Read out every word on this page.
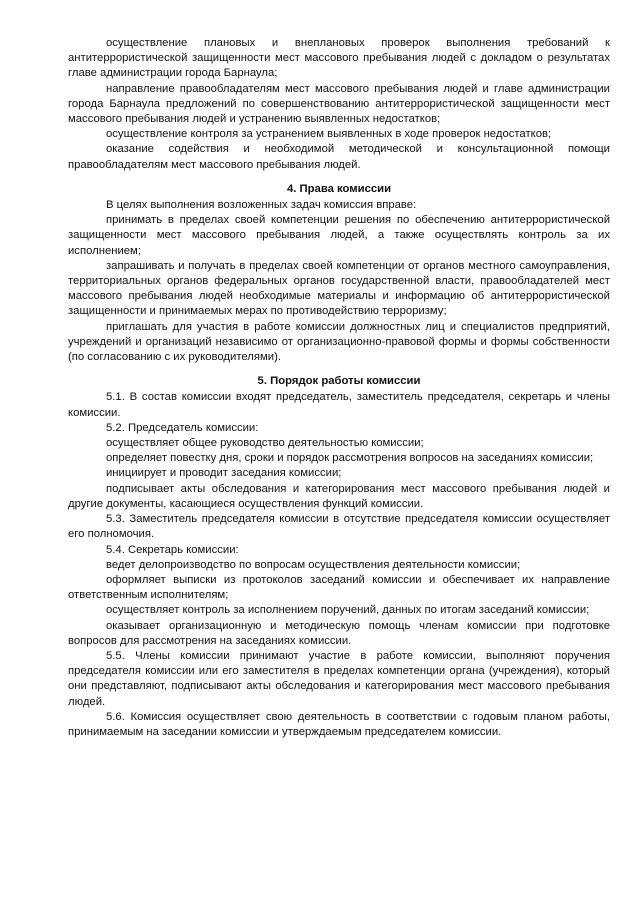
осуществление плановых и внеплановых проверок выполнения требований к антитеррористической защищенности мест массового пребывания людей с докладом о результатах главе администрации города Барнаула;

направление правообладателям мест массового пребывания людей и главе администрации города Барнаула предложений по совершенствованию антитеррористической защищенности мест массового пребывания людей и устранению выявленных недостатков;

осуществление контроля за устранением выявленных в ходе проверок недостатков;

оказание содействия и необходимой методической и консультационной помощи правообладателям мест массового пребывания людей.

4. Права комиссии

В целях выполнения возложенных задач комиссия вправе:

принимать в пределах своей компетенции решения по обеспечению антитеррористической защищенности мест массового пребывания людей, а также осуществлять контроль за их исполнением;

запрашивать и получать в пределах своей компетенции от органов местного самоуправления, территориальных органов федеральных органов государственной власти, правообладателей мест массового пребывания людей необходимые материалы и информацию об антитеррористической защищенности и принимаемых мерах по противодействию терроризму;

приглашать для участия в работе комиссии должностных лиц и специалистов предприятий, учреждений и организаций независимо от организационно-правовой формы и формы собственности (по согласованию с их руководителями).

5. Порядок работы комиссии

5.1. В состав комиссии входят председатель, заместитель председателя, секретарь и члены комиссии.

5.2. Председатель комиссии:

осуществляет общее руководство деятельностью комиссии;

определяет повестку дня, сроки и порядок рассмотрения вопросов на заседаниях комиссии;

инициирует и проводит заседания комиссии;

подписывает акты обследования и категорирования мест массового пребывания людей и другие документы, касающиеся осуществления функций комиссии.

5.3. Заместитель председателя комиссии в отсутствие председателя комиссии осуществляет его полномочия.

5.4. Секретарь комиссии:

ведет делопроизводство по вопросам осуществления деятельности комиссии;

оформляет выписки из протоколов заседаний комиссии и обеспечивает их направление ответственным исполнителям;

осуществляет контроль за исполнением поручений, данных по итогам заседаний комиссии;

оказывает организационную и методическую помощь членам комиссии при подготовке вопросов для рассмотрения на заседаниях комиссии.

5.5. Члены комиссии принимают участие в работе комиссии, выполняют поручения председателя комиссии или его заместителя в пределах компетенции органа (учреждения), который они представляют, подписывают акты обследования и категорирования мест массового пребывания людей.

5.6. Комиссия осуществляет свою деятельность в соответствии с годовым планом работы, принимаемым на заседании комиссии и утверждаемым председателем комиссии.
